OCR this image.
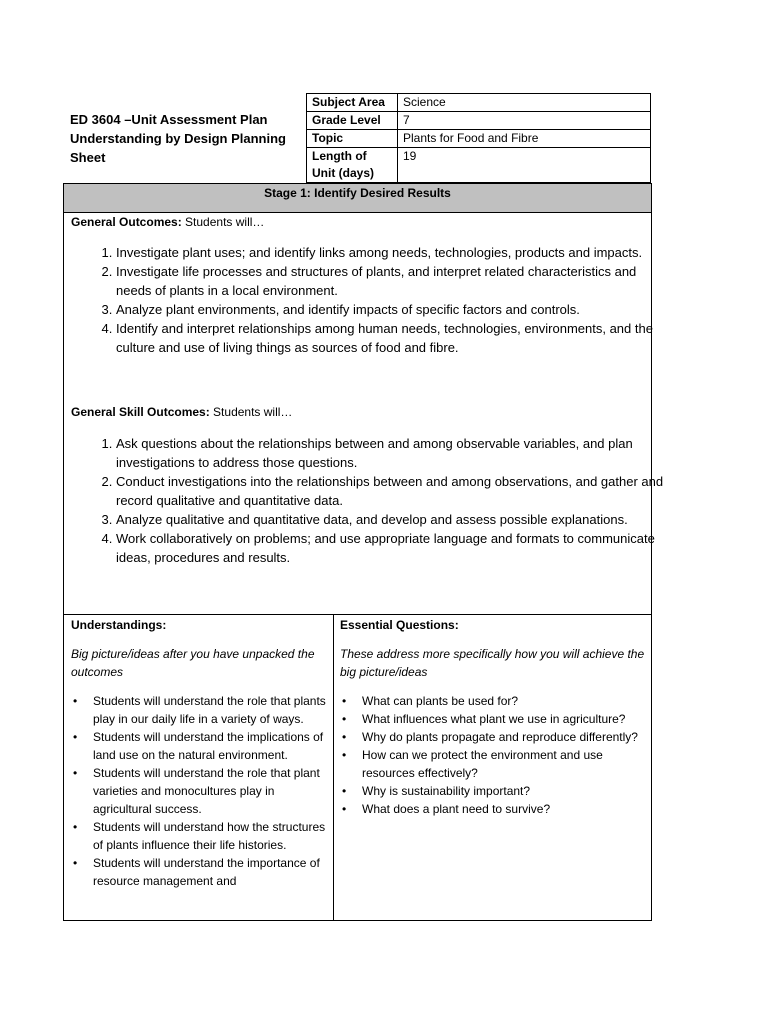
ED 3604 –Unit Assessment Plan
Understanding by Design Planning
Sheet
Subject Area	Science
Grade Level	7
Topic	Plants for Food and Fibre
Length of Unit (days)	19
Stage 1: Identify Desired Results
General Outcomes: Students will…
1. Investigate plant uses; and identify links among needs, technologies, products and impacts.
2. Investigate life processes and structures of plants, and interpret related characteristics and needs of plants in a local environment.
3. Analyze plant environments, and identify impacts of specific factors and controls.
4. Identify and interpret relationships among human needs, technologies, environments, and the culture and use of living things as sources of food and fibre.
General Skill Outcomes: Students will…
1. Ask questions about the relationships between and among observable variables, and plan investigations to address those questions.
2. Conduct investigations into the relationships between and among observations, and gather and record qualitative and quantitative data.
3. Analyze qualitative and quantitative data, and develop and assess possible explanations.
4. Work collaboratively on problems; and use appropriate language and formats to communicate ideas, procedures and results.
Understandings:
Big picture/ideas after you have unpacked the outcomes
• Students will understand the role that plants play in our daily life in a variety of ways.
• Students will understand the implications of land use on the natural environment.
• Students will understand the role that plant varieties and monocultures play in agricultural success.
• Students will understand how the structures of plants influence their life histories.
• Students will understand the importance of resource management and
Essential Questions:
These address more specifically how you will achieve the big picture/ideas
• What can plants be used for?
• What influences what plant we use in agriculture?
• Why do plants propagate and reproduce differently?
• How can we protect the environment and use resources effectively?
• Why is sustainability important?
• What does a plant need to survive?
